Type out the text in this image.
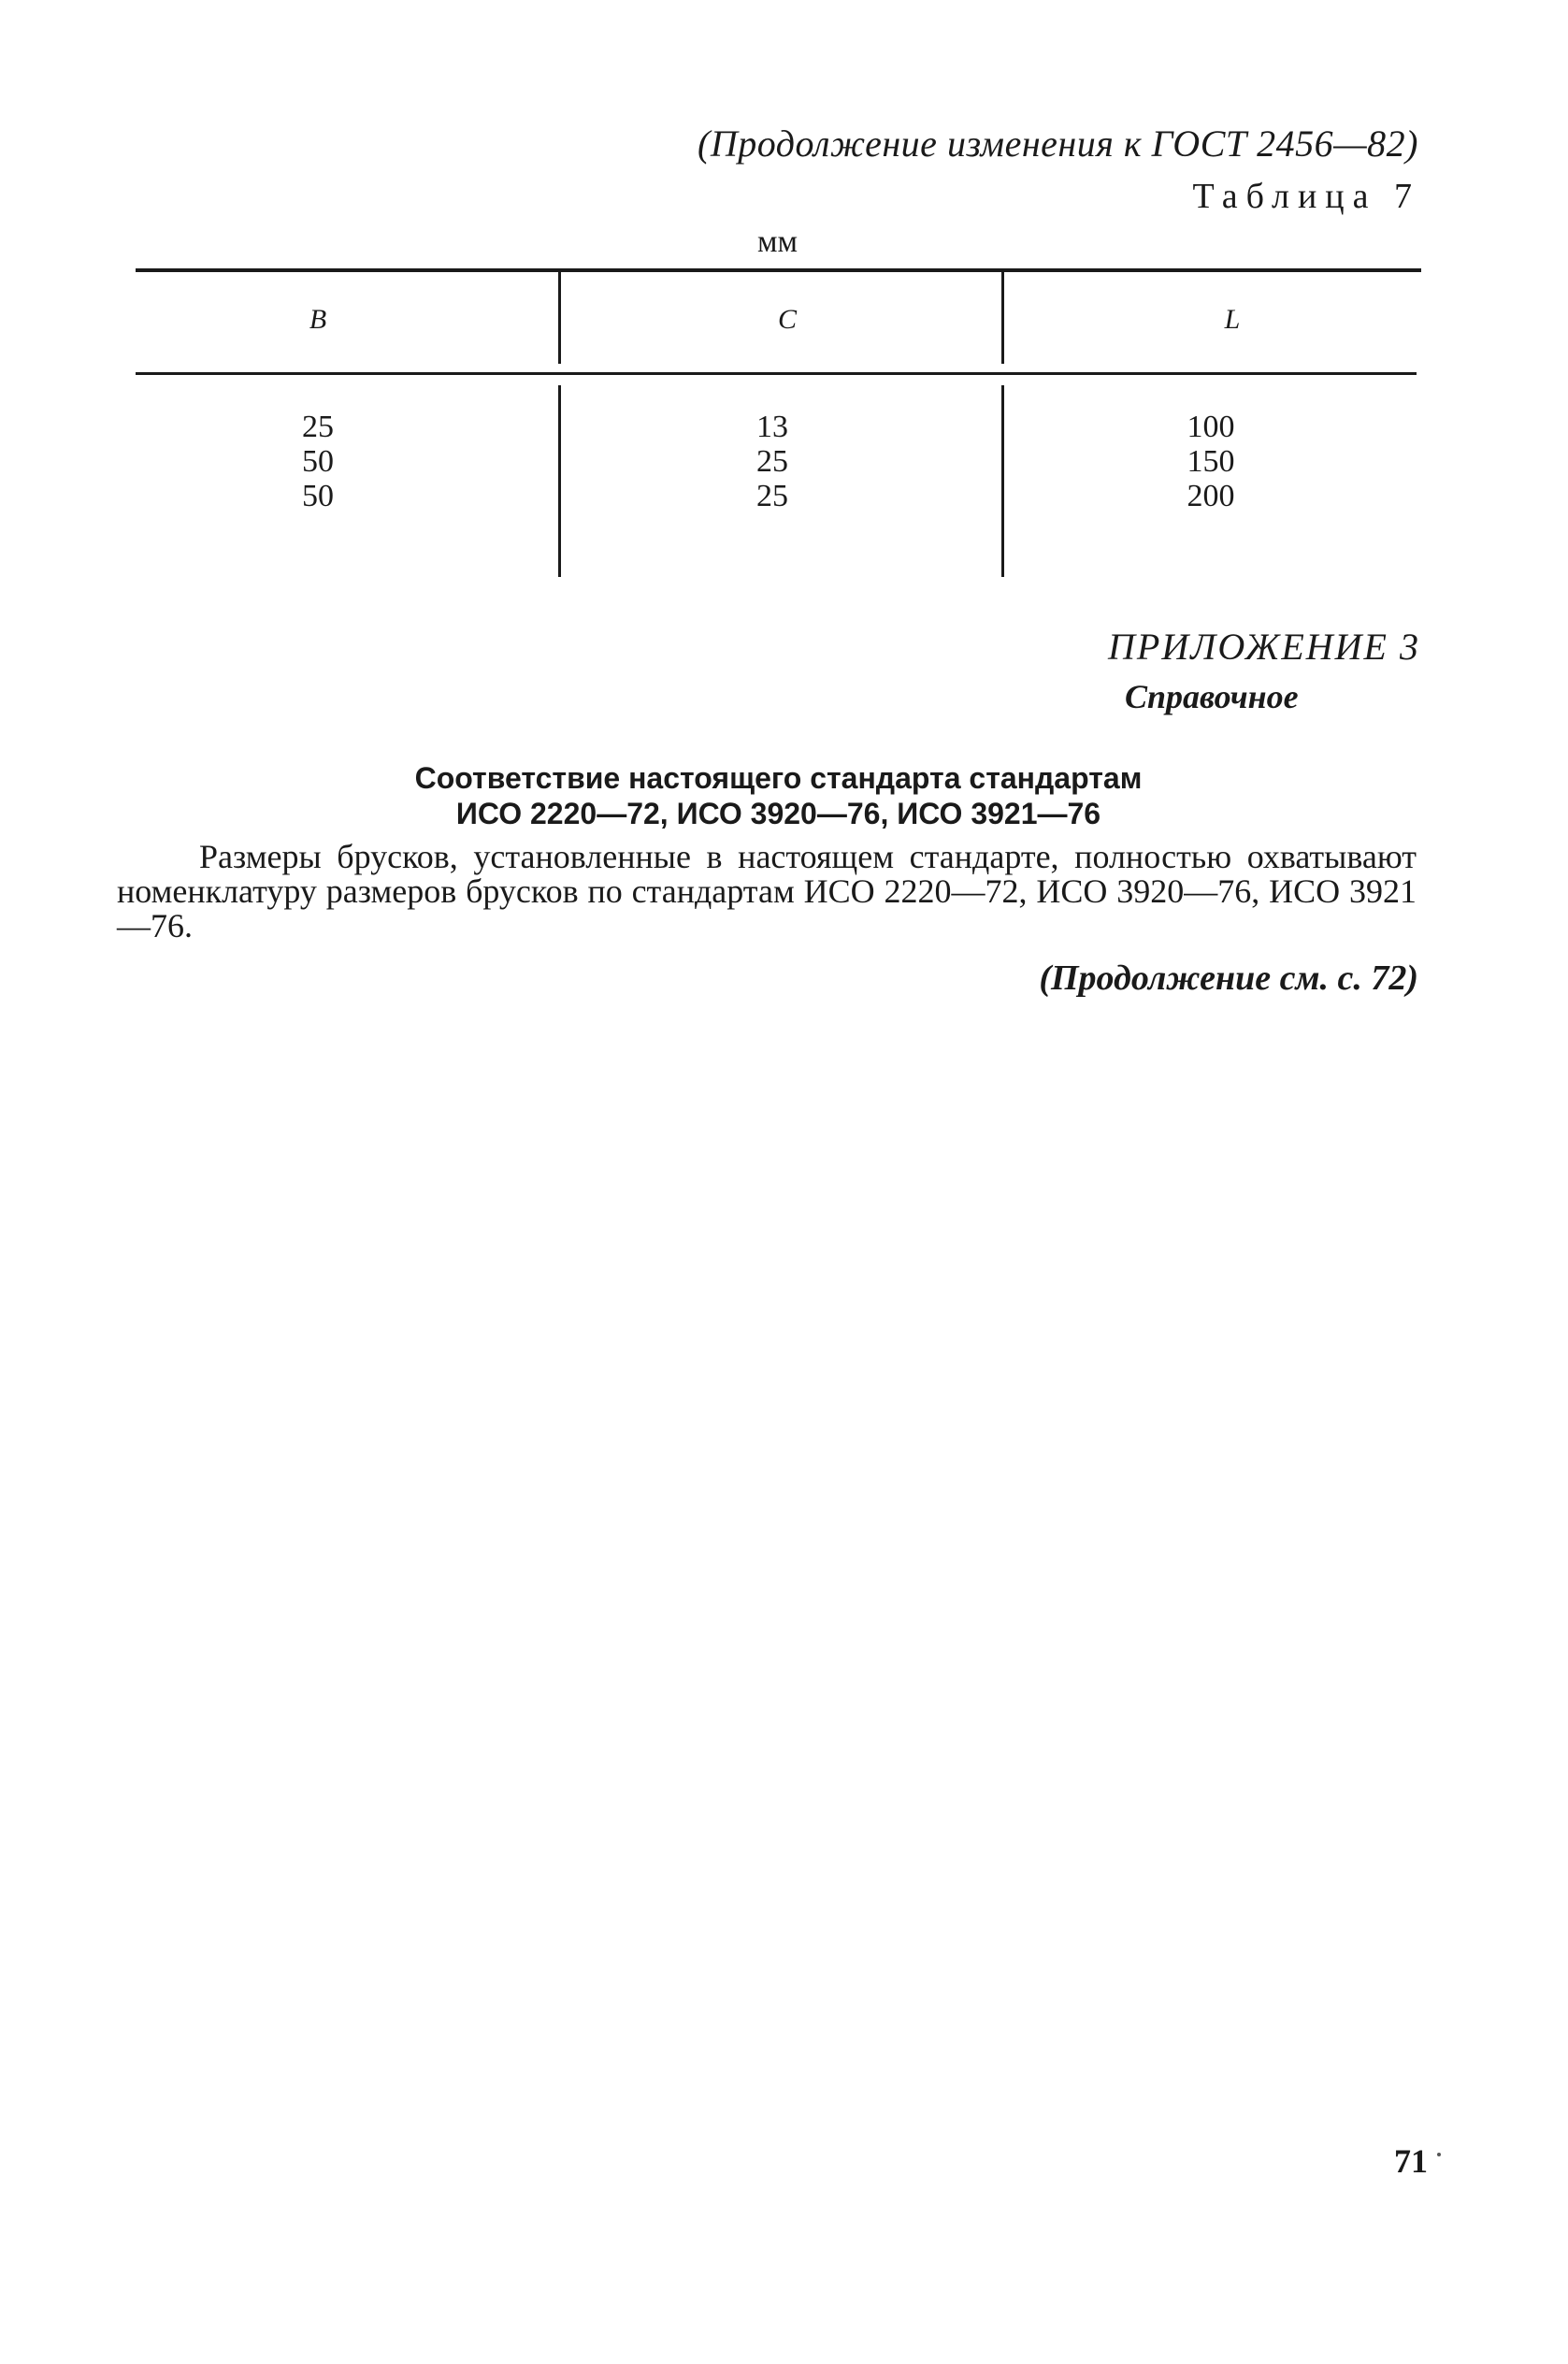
(Продолжение изменения к ГОСТ 2456—82)
Таблица 7
мм
B	C	L
25
50
50
13
25
25
100
150
200
ПРИЛОЖЕНИЕ 3
Справочное
Соответствие настоящего стандарта стандартам
ИСО 2220—72, ИСО 3920—76, ИСО 3921—76
Размеры брусков, установленные в настоящем стандарте, полностью охватывают номенклатуру размеров брусков по стандартам ИСО 2220—72, ИСО 3920—76, ИСО 3921—76.
(Продолжение см. с. 72)
71
